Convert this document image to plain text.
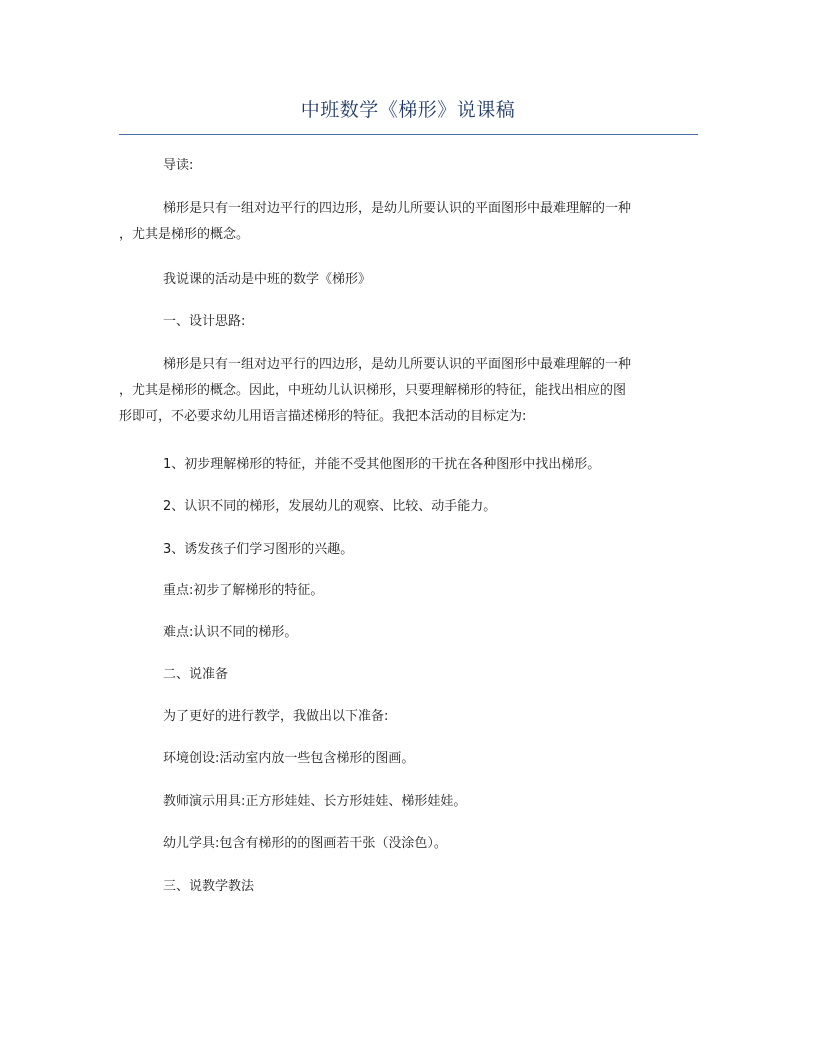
中班数学《梯形》说课稿
导读:
梯形是只有一组对边平行的四边形，是幼儿所要认识的平面图形中最难理解的一种
，尤其是梯形的概念。
我说课的活动是中班的数学《梯形》
一、设计思路:
梯形是只有一组对边平行的四边形，是幼儿所要认识的平面图形中最难理解的一种
，尤其是梯形的概念。因此，中班幼儿认识梯形，只要理解梯形的特征，能找出相应的图
形即可，不必要求幼儿用语言描述梯形的特征。我把本活动的目标定为:
1、初步理解梯形的特征，并能不受其他图形的干扰在各种图形中找出梯形。
2、认识不同的梯形，发展幼儿的观察、比较、动手能力。
3、诱发孩子们学习图形的兴趣。
重点:初步了解梯形的特征。
难点:认识不同的梯形。
二、说准备
为了更好的进行教学，我做出以下准备:
环境创设:活动室内放一些包含梯形的图画。
教师演示用具:正方形娃娃、长方形娃娃、梯形娃娃。
幼儿学具:包含有梯形的的图画若干张（没涂色）。
三、说教学教法
